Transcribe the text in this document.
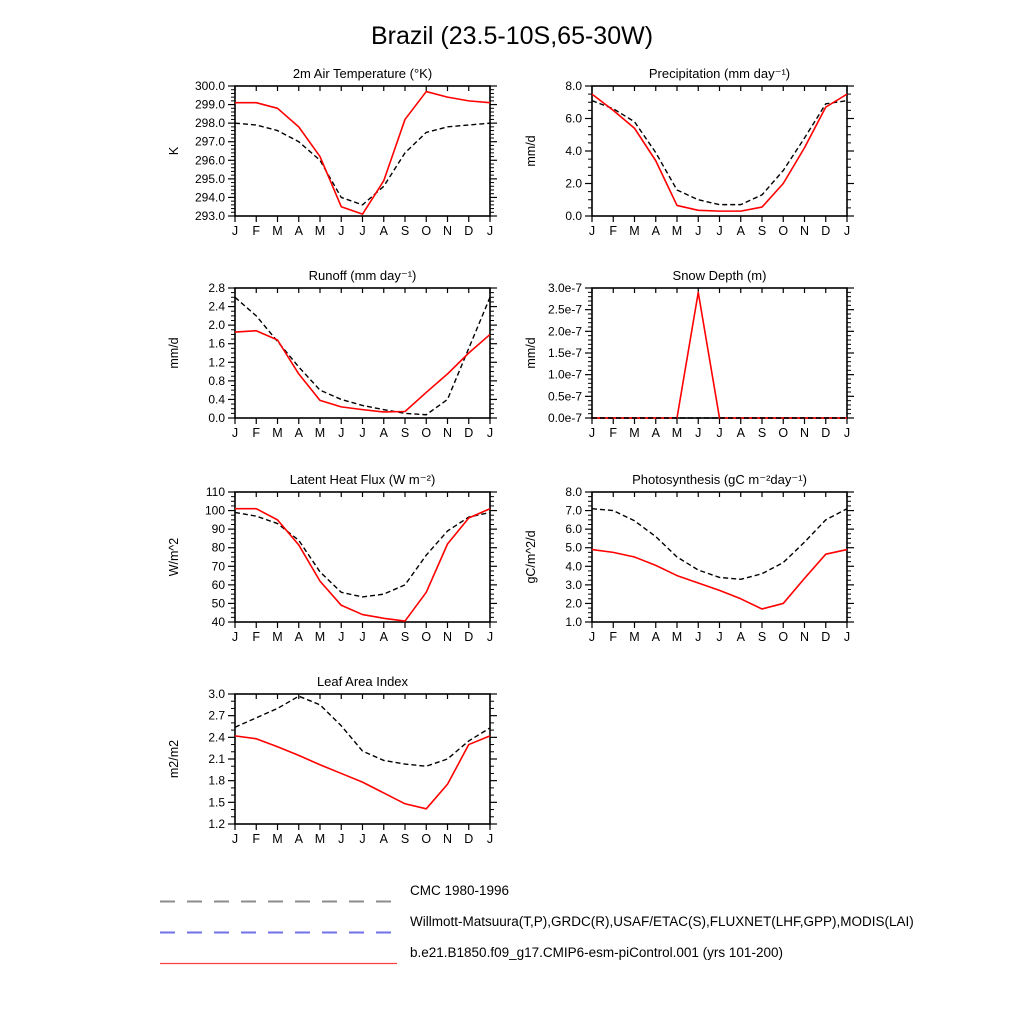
Brazil (23.5-10S,65-30W)
J F M A M J J A S O N D J
293.0
294.0
295.0
296.0
297.0
298.0
299.0
300.0
2m Air Temperature (°K)
K
J F M A M J J A S O N D J
0.0
2.0
4.0
6.0
8.0
Precipitation (mm day⁻¹)
mm/d
J F M A M J J A S O N D J
0.0
0.4
0.8
1.2
1.6
2.0
2.4
2.8
Runoff (mm day⁻¹)
mm/d
J F M A M J J A S O N D J
0.0e-7
0.5e-7
1.0e-7
1.5e-7
2.0e-7
2.5e-7
3.0e-7
Snow Depth (m)
mm/d
J F M A M J J A S O N D J
40
50
60
70
80
90
100
110
Latent Heat Flux (W m⁻²)
W/m^2
J F M A M J J A S O N D J
1.0
2.0
3.0
4.0
5.0
6.0
7.0
8.0
Photosynthesis (gC m⁻²day⁻¹)
gC/m^2/d
J F M A M J J A S O N D J
1.2
1.5
1.8
2.1
2.4
2.7
3.0
Leaf Area Index
m2/m2
CMC 1980-1996
Willmott-Matsuura(T,P),GRDC(R),USAF/ETAC(S),FLUXNET(LHF,GPP),MODIS(LAI)
b.e21.B1850.f09_g17.CMIP6-esm-piControl.001 (yrs 101-200)
